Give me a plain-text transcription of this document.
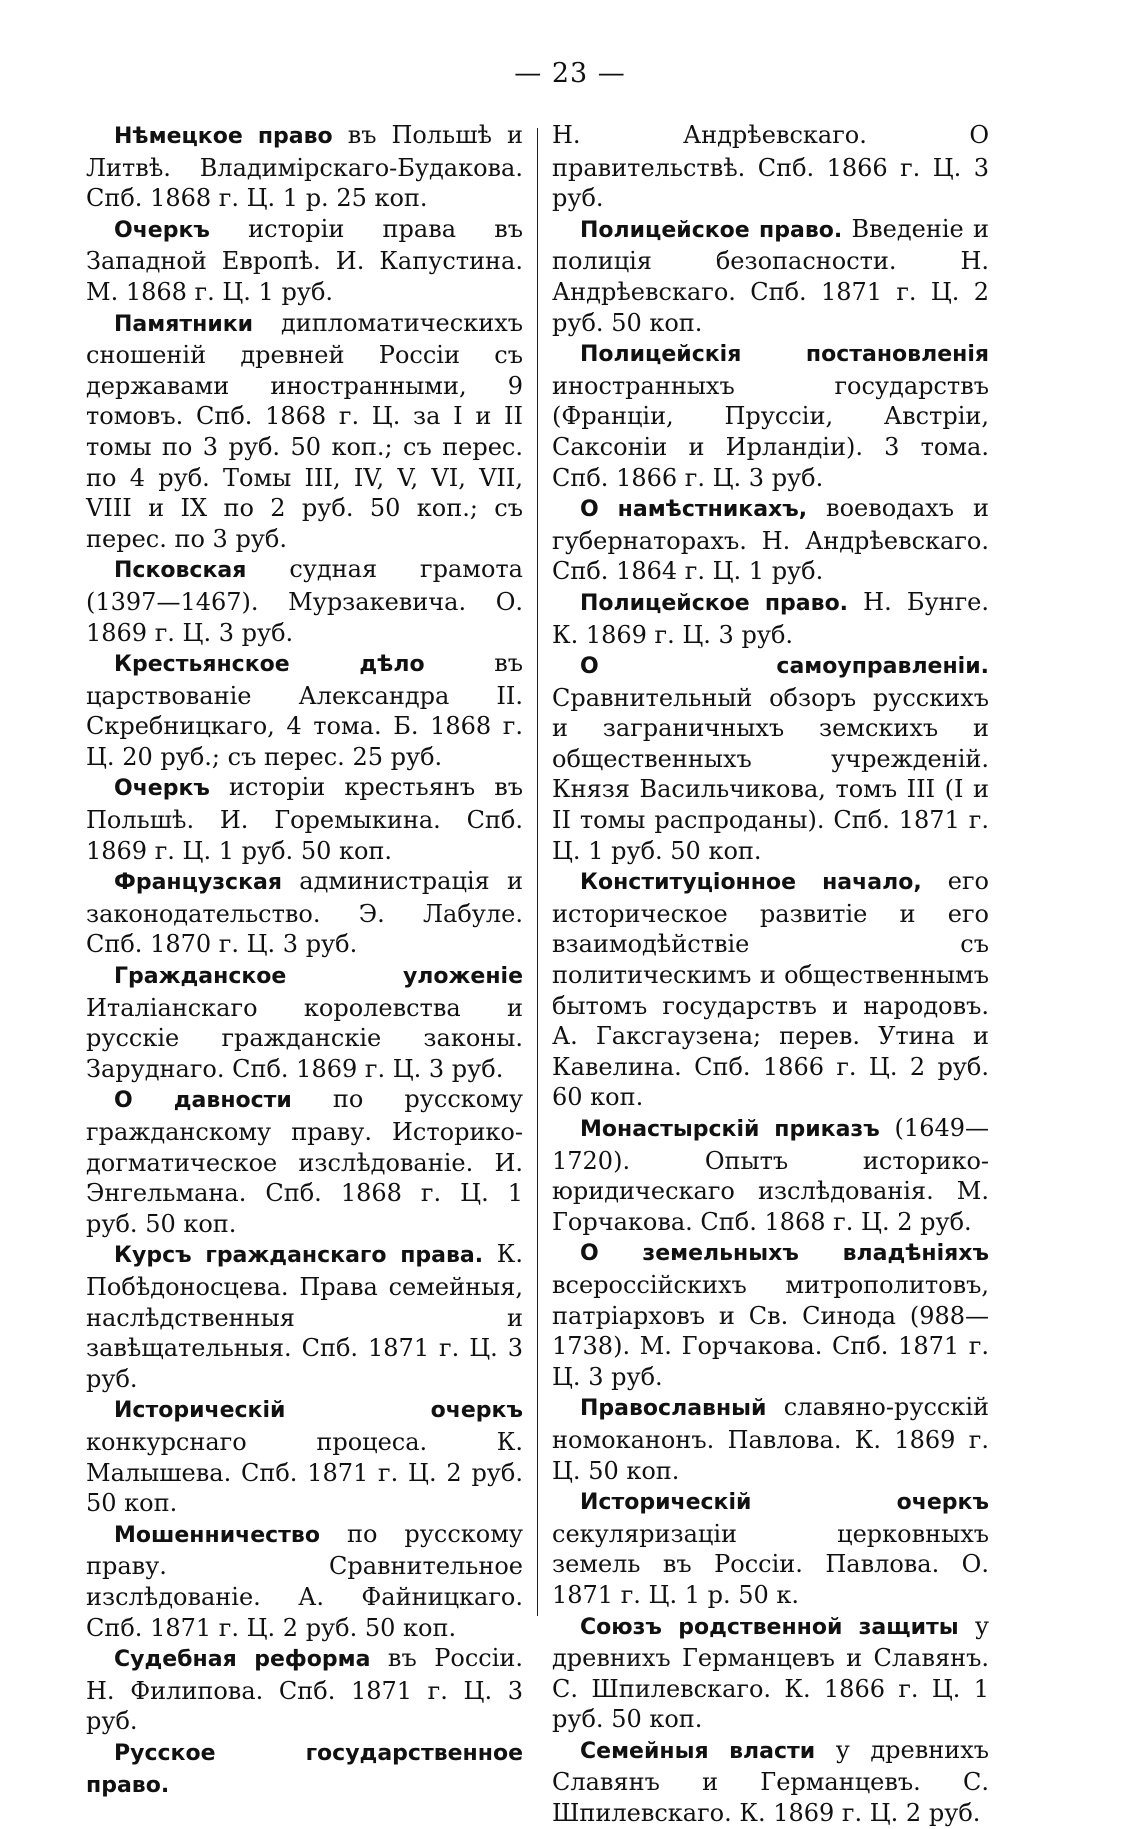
— 23 —

Нѣмецкое право въ Польшѣ и Литвѣ. Владимірскаго-Будакова. Спб. 1868 г. Ц. 1 р. 25 коп.

Очеркъ исторіи права въ Западной Европѣ. И. Капустина. М. 1868 г. Ц. 1 руб.

Памятники дипломатическихъ сношеній древней Россіи съ державами иностранными, 9 томовъ. Спб. 1868 г. Ц. за I и II томы по 3 руб. 50 коп.; съ перес. по 4 руб. Томы III, IV, V, VI, VII, VIII и IX по 2 руб. 50 коп.; съ перес. по 3 руб.

Псковская судная грамота (1397—1467). Мурзакевича. О. 1869 г. Ц. 3 руб.

Крестьянское дѣло въ царствованіе Александра II. Скребницкаго, 4 тома. Б. 1868 г. Ц. 20 руб.; съ перес. 25 руб.

Очеркъ исторіи крестьянъ въ Польшѣ. И. Горемыкина. Спб. 1869 г. Ц. 1 руб. 50 коп.

Французская администрація и законодательство. Э. Лабуле. Спб. 1870 г. Ц. 3 руб.

Гражданское уложеніе Италіанскаго королевства и русскіе гражданскіе законы. Заруднаго. Спб. 1869 г. Ц. 3 руб.

О давности по русскому гражданскому праву. Историко-догматическое изслѣдованіе. И. Энгельмана. Спб. 1868 г. Ц. 1 руб. 50 коп.

Курсъ гражданскаго права. К. Побѣдоносцева. Права семейныя, наслѣдственныя и завѣщательныя. Спб. 1871 г. Ц. 3 руб.

Историческій очеркъ конкурснаго процеса. К. Малышева. Спб. 1871 г. Ц. 2 руб. 50 коп.

Мошенничество по русскому праву. Сравнительное изслѣдованіе. А. Файницкаго. Спб. 1871 г. Ц. 2 руб. 50 коп.

Судебная реформа въ Россіи. Н. Филипова. Спб. 1871 г. Ц. 3 руб.

Русское государственное право.

Н. Андрѣевскаго. О правительствѣ. Спб. 1866 г. Ц. 3 руб.

Полицейское право. Введеніе и полиція безопасности. Н. Андрѣевскаго. Спб. 1871 г. Ц. 2 руб. 50 коп.

Полицейскія постановленія иностранныхъ государствъ (Франціи, Пруссіи, Австріи, Саксоніи и Ирландіи). 3 тома. Спб. 1866 г. Ц. 3 руб.

О намѣстникахъ, воеводахъ и губернаторахъ. Н. Андрѣевскаго. Спб. 1864 г. Ц. 1 руб.

Полицейское право. Н. Бунге. К. 1869 г. Ц. 3 руб.

О самоуправленіи. Сравнительный обзоръ русскихъ и заграничныхъ земскихъ и общественныхъ учрежденій. Князя Васильчикова, томъ III (I и II томы распроданы). Спб. 1871 г. Ц. 1 руб. 50 коп.

Конституціонное начало, его историческое развитіе и его взаимодѣйствіе съ политическимъ и общественнымъ бытомъ государствъ и народовъ. А. Гаксгаузена; перев. Утина и Кавелина. Спб. 1866 г. Ц. 2 руб. 60 коп.

Монастырскій приказъ (1649—1720). Опытъ историко-юридическаго изслѣдованія. М. Горчакова. Спб. 1868 г. Ц. 2 руб.

О земельныхъ владѣніяхъ всероссійскихъ митрополитовъ, патріарховъ и Св. Синода (988—1738). М. Горчакова. Спб. 1871 г. Ц. 3 руб.

Православный славяно-русскій номоканонъ. Павлова. К. 1869 г. Ц. 50 коп.

Историческій очеркъ секуляризаціи церковныхъ земель въ Россіи. Павлова. О. 1871 г. Ц. 1 р. 50 к.

Союзъ родственной защиты у древнихъ Германцевъ и Славянъ. С. Шпилевскаго. К. 1866 г. Ц. 1 руб. 50 коп.

Семейныя власти у древнихъ Славянъ и Германцевъ. С. Шпилевскаго. К. 1869 г. Ц. 2 руб.
